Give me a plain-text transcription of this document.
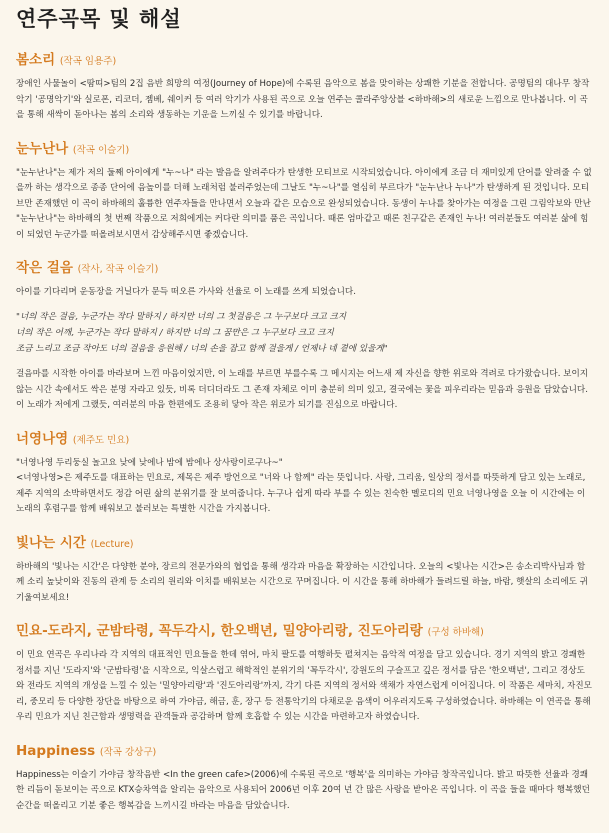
연주곡목 및 해설
봄소리 (작곡 임용주)

장애인 사물놀이 <땀띠>팀의 2집 음반 희망의 여정(Journey of Hope)에 수록된 음악으로 봄을 맞이하는 상쾌한 기분을 전합니다. 공명팀의 대나무 창작악기 '공명악기'와 실로폰, 리코더, 젬베, 쉐이커 등 여러 악기가 사용된 곡으로 오늘 연주는 콜라주앙상블 <하바해>의 새로운 느낌으로 만나봅니다. 이 곡을 통해 새싹이 돋아나는 봄의 소리와 생동하는 기운을 느끼실 수 있기를 바랍니다.

눈누난나 (작곡 이슬기)

"눈누난나"는 제가 저의 둘째 아이에게 "누~나" 라는 발음을 알려주다가 탄생한 모티브로 시작되었습니다. 아이에게 조금 더 재미있게 단어를 알려줄 수 없을까 하는 생각으로 종종 단어에 음높이를 더해 노래처럼 불러주었는데 그날도 "누~나"를 열심히 부르다가 "눈누난나 누나"가 탄생하게 된 것입니다. 모티브만 존재했던 이 곡이 하바해의 훌륭한 연주자들을 만나면서 오늘과 같은 모습으로 완성되었습니다. 동생이 누나를 찾아가는 여정을 그린 그림악보와 만난 "눈누난나"는 하바해의 첫 번째 작품으로 저희에게는 커다란 의미를 품은 곡입니다. 때론 엄마같고 때론 친구같은 존재인 누나! 여러분들도 여러분 삶에 힘이 되었던 누군가를 떠올려보시면서 감상해주시면 좋겠습니다.

작은 걸음 (작사, 작곡 이슬기)

아이를 기다리며 운동장을 거닐다가 문득 떠오른 가사와 선율로 이 노래를 쓰게 되었습니다.

"너의 작은 걸음, 누군가는 작다 말하지 / 하지만 너의 그 첫걸음은 그 누구보다 크고 크지
너의 작은 어깨, 누군가는 작다 말하지 / 하지만 너의 그 꿈만은 그 누구보다 크고 크지
조금 느리고 조금 작아도 너의 걸음을 응원해 / 너의 손을 잡고 함께 걸을게 / 언제나 네 곁에 있을게"

걸음마를 시작한 아이를 바라보며 느낀 마음이었지만, 이 노래를 부르면 부를수록 그 메시지는 어느새 제 자신을 향한 위로와 격려로 다가왔습니다. 보이지 않는 시간 속에서도 싹은 분명 자라고 있듯, 비록 더디더라도 그 존재 자체로 이미 충분히 의미 있고, 결국에는 꽃을 피우리라는 믿음과 응원을 담았습니다. 이 노래가 저에게 그랬듯, 여러분의 마음 한편에도 조용히 닿아 작은 위로가 되기를 진심으로 바랍니다.

너영나영 (제주도 민요)

"너영나영 두리둥실 놀고요 낮에 낮에나 밤에 밤에나 상사랑이로구나~"

<너영나영>은 제주도를 대표하는 민요로, 제목은 제주 방언으로 "너와 나 함께" 라는 뜻입니다. 사랑, 그리움, 일상의 정서를 따뜻하게 담고 있는 노래로, 제주 지역의 소박하면서도 정감 어린 삶의 분위기를 잘 보여줍니다. 누구나 쉽게 따라 부를 수 있는 친숙한 멜로디의 민요 너영나영을 오늘 이 시간에는 이 노래의 후렴구를 함께 배워보고 불러보는 특별한 시간을 가지봅니다.

빛나는 시간 (Lecture)

하바해의 '빛나는 시간'은 다양한 분야, 장르의 전문가와의 협업을 통해 생각과 마음을 확장하는 시간입니다. 오늘의 <빛나는 시간>은 송소리박사님과 함께 소리 높낮이와 진동의 관계 등 소리의 원리와 이치를 배워보는 시간으로 꾸며집니다. 이 시간을 통해 하바해가 들려드릴 하늘, 바람, 햇살의 소리에도 귀기울여보세요!

민요-도라지, 군밤타령, 꼭두각시, 한오백년, 밀양아리랑, 진도아리랑 (구성 하바해)

이 민요 연곡은 우리나라 각 지역의 대표적인 민요들을 한데 엮어, 마치 팔도를 여행하듯 펼쳐지는 음악적 여정을 담고 있습니다. 경기 지역의 밝고 경쾌한 정서를 지닌 '도라지'와 '군밤타령'을 시작으로, 익살스럽고 해학적인 분위기의 '꼭두각시', 강원도의 구슬프고 깊은 정서를 담은 '한오백년', 그리고 경상도와 전라도 지역의 개성을 느낄 수 있는 '밀양아리랑'과 '진도아리랑'까지, 각기 다른 지역의 정서와 색채가 자연스럽게 이어집니다. 이 작품은 세마치, 자진모리, 중모리 등 다양한 장단을 바탕으로 하여 가야금, 해금, 훈, 장구 등 전통악기의 다채로운 음색이 어우러지도록 구성하였습니다. 하바해는 이 연곡을 통해 우리 민요가 지닌 친근함과 생명력을 관객들과 공감하며 함께 호흡할 수 있는 시간을 마련하고자 하였습니다.

Happiness (작곡 강상구)

Happiness는 이슬기 가야금 창작음반 <In the green cafe>(2006)에 수록된 곡으로 '행복'을 의미하는 가야금 창작곡입니다. 밝고 따뜻한 선율과 경쾌한 리듬이 돋보이는 곡으로 KTX승차역을 알리는 음악으로 사용되어 2006년 이후 20여 년 간 많은 사랑을 받아온 곡입니다. 이 곡을 들을 때마다 행복했던 순간을 떠올리고 기분 좋은 행복감을 느끼시길 바라는 마음을 담았습니다.
